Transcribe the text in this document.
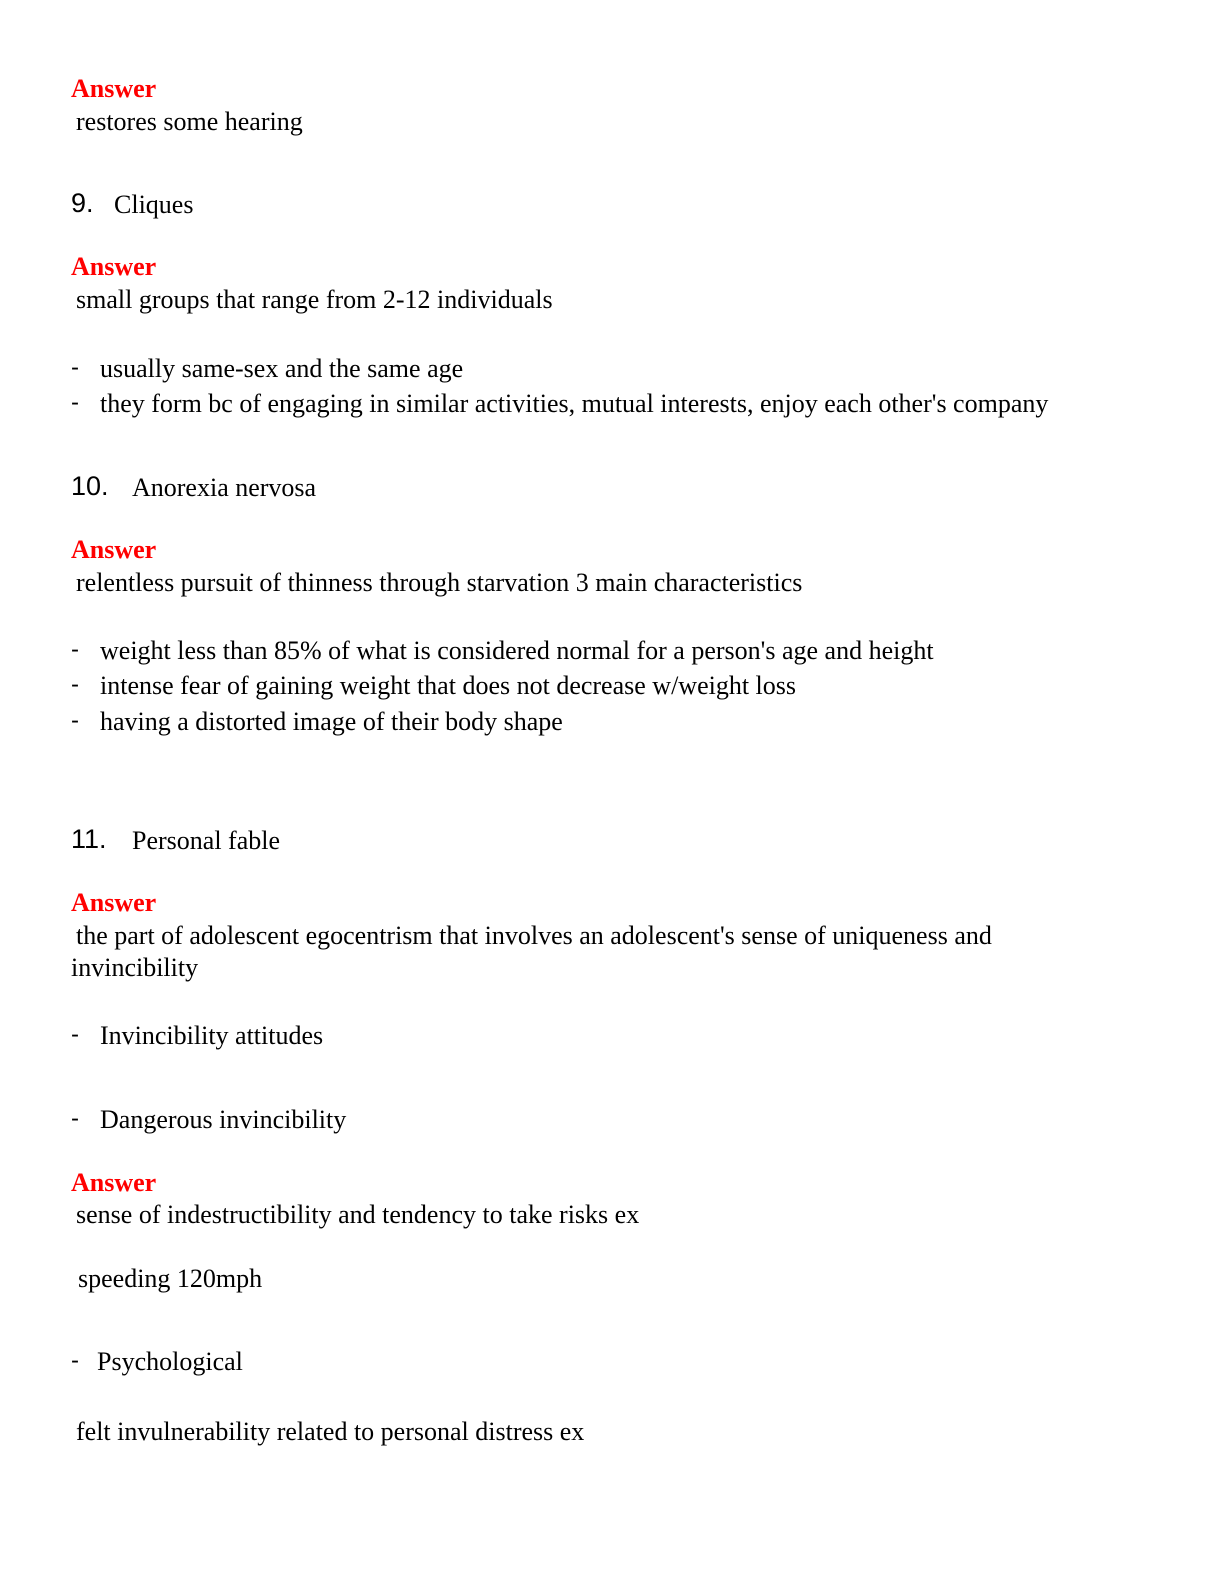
Answer
restores some hearing
9. Cliques
Answer
small groups that range from 2-12 individuals
- usually same-sex and the same age
- they form bc of engaging in similar activities, mutual interests, enjoy each other's company
10. Anorexia nervosa
Answer
relentless pursuit of thinness through starvation 3 main characteristics
- weight less than 85% of what is considered normal for a person's age and height
- intense fear of gaining weight that does not decrease w/weight loss
- having a distorted image of their body shape
11. Personal fable
Answer
the part of adolescent egocentrism that involves an adolescent's sense of uniqueness and
invincibility
- Invincibility attitudes
- Dangerous invincibility
Answer
sense of indestructibility and tendency to take risks ex
speeding 120mph
- Psychological
felt invulnerability related to personal distress ex
